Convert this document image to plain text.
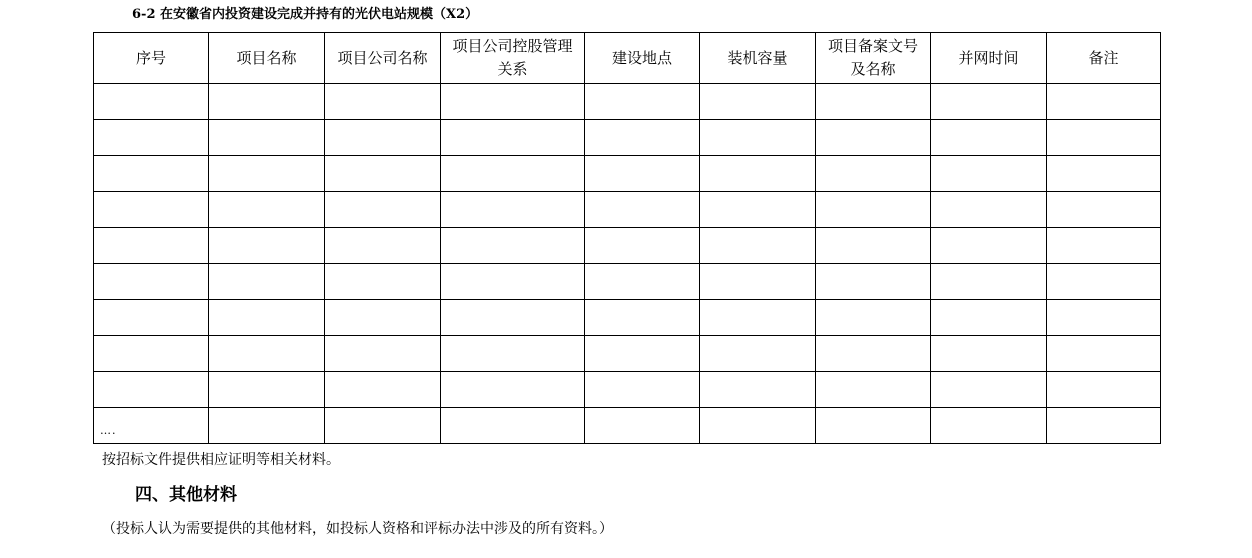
6-2 在安徽省内投资建设完成并持有的光伏电站规模（X2）
序号	项目名称	项目公司名称	项目公司控股管理关系	建设地点	装机容量	项目备案文号及名称	并网时间	备注

….								
按招标文件提供相应证明等相关材料。
四、其他材料
（投标人认为需要提供的其他材料，如投标人资格和评标办法中涉及的所有资料。）
